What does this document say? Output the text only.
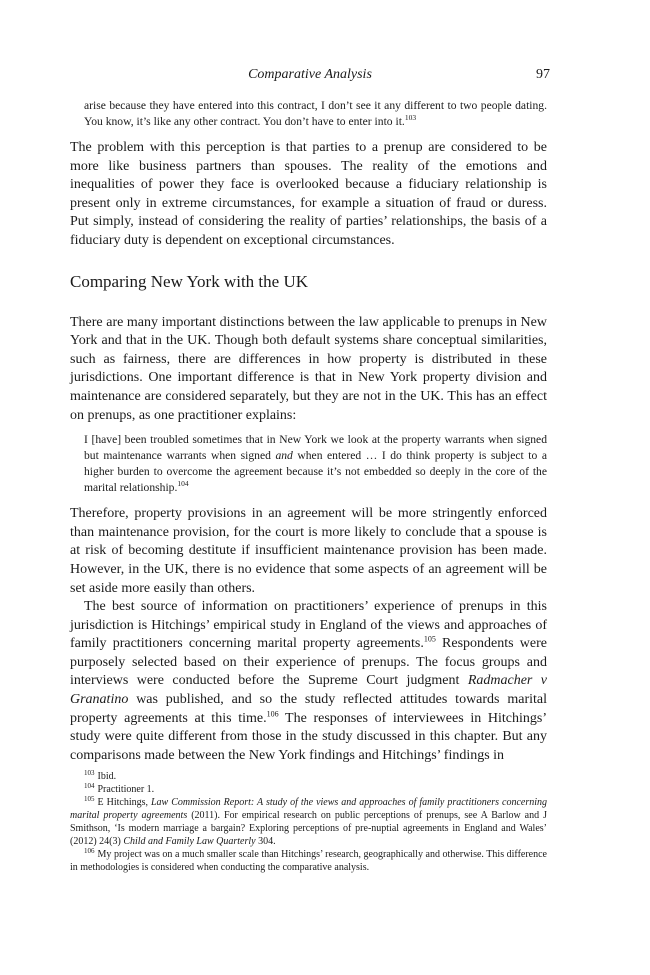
Comparative Analysis	97

arise because they have entered into this contract, I don’t see it any different to two people dating. You know, it’s like any other contract. You don’t have to enter into it.$^{103}$

The problem with this perception is that parties to a prenup are considered to be more like business partners than spouses. The reality of the emotions and inequalities of power they face is overlooked because a fiduciary relationship is present only in extreme circumstances, for example a situation of fraud or duress. Put simply, instead of considering the reality of parties’ relationships, the basis of a fiduciary duty is dependent on exceptional circumstances.

Comparing New York with the UK

There are many important distinctions between the law applicable to prenups in New York and that in the UK. Though both default systems share conceptual similarities, such as fairness, there are differences in how property is distributed in these jurisdictions. One important difference is that in New York property division and maintenance are considered separately, but they are not in the UK. This has an effect on prenups, as one practitioner explains:

I [have] been troubled sometimes that in New York we look at the property warrants when signed but maintenance warrants when signed and when entered … I do think property is subject to a higher burden to overcome the agreement because it’s not embedded so deeply in the core of the marital relationship.$^{104}$

Therefore, property provisions in an agreement will be more stringently enforced than maintenance provision, for the court is more likely to conclude that a spouse is at risk of becoming destitute if insufficient maintenance provision has been made. However, in the UK, there is no evidence that some aspects of an agreement will be set aside more easily than others.

The best source of information on practitioners’ experience of prenups in this jurisdiction is Hitchings’ empirical study in England of the views and approaches of family practitioners concerning marital property agreements.$^{105}$ Respondents were purposely selected based on their experience of prenups. The focus groups and interviews were conducted before the Supreme Court judgment Radmacher v Granatino was published, and so the study reflected attitudes towards marital property agreements at this time.$^{106}$ The responses of interviewees in Hitchings’ study were quite different from those in the study discussed in this chapter. But any comparisons made between the New York findings and Hitchings’ findings in

$^{103}$ Ibid.

$^{104}$ Practitioner 1.

$^{105}$ E Hitchings, Law Commission Report: A study of the views and approaches of family practitioners concerning marital property agreements (2011). For empirical research on public perceptions of prenups, see A Barlow and J Smithson, ‘Is modern marriage a bargain? Exploring perceptions of pre-nuptial agreements in England and Wales’ (2012) 24(3) Child and Family Law Quarterly 304.

$^{106}$ My project was on a much smaller scale than Hitchings’ research, geographically and otherwise. This difference in methodologies is considered when conducting the comparative analysis.
